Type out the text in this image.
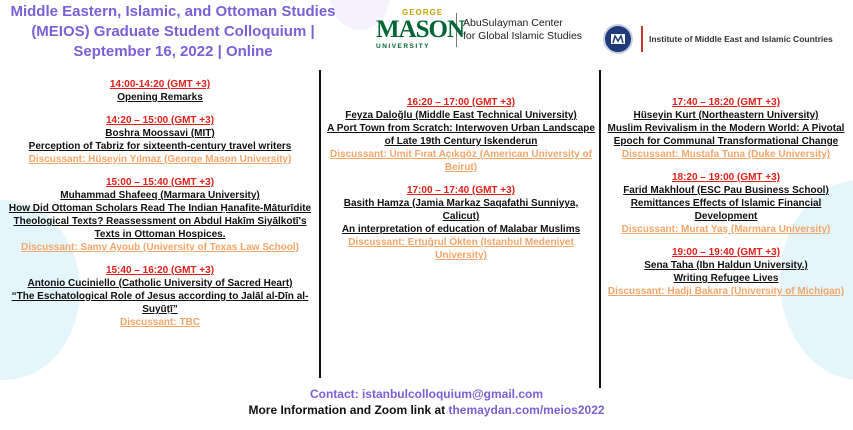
Middle Eastern, Islamic, and Ottoman Studies
(MEIOS) Graduate Student Colloquium |
September 16, 2022 | Online
GEORGE
MASON
UNIVERSITY
AbuSulayman Center
for Global Islamic Studies	Institute of Middle East and Islamic Countries
14:00-14:20 (GMT +3)
Opening Remarks
14:20 – 15:00 (GMT +3)
Boshra Moossavi (MIT)
Perception of Tabriz for sixteenth-century travel writers
Discussant: Hüseyin Yılmaz (George Mason University)
15:00 – 15:40 (GMT +3)
Muhammad Shafeeq (Marmara University)
How Did Ottoman Scholars Read The Indian Ḥanafite-Māturīdite Theological Texts? Reassessment on Abdul Hakīm Siyālkotī's Texts in Ottoman Hospices.
Discussant: Samy Ayoub (University of Texas Law School)
15:40 – 16:20 (GMT +3)
Antonio Cuciniello (Catholic University of Sacred Heart)
“The Eschatological Role of Jesus according to Jalāl al-Dīn al-Suyūṭī”
Discussant: TBC
16:20 – 17:00 (GMT +3)
Feyza Daloğlu (Middle East Technical University)
A Port Town from Scratch: Interwoven Urban Landscape of Late 19th Century Iskenderun
Discussant: Ümit Fırat Açıkgöz (American University of Beirut)
17:00 – 17:40 (GMT +3)
Basith Hamza (Jamia Markaz Saqafathi Sunniyya, Calicut)
An interpretation of education of Malabar Muslims
Discussant: Ertuğrul Ökten (Istanbul Medeniyet University)
17:40 – 18:20 (GMT +3)
Hüseyin Kurt (Northeastern University)
Muslim Revivalism in the Modern World: A Pivotal Epoch for Communal Transformational Change
Discussant: Mustafa Tuna (Duke University)
18:20 – 19:00 (GMT +3)
Farid Makhlouf (ESC Pau Business School)
Remittances Effects of Islamic Financial Development
Discussant: Murat Yaş (Marmara University)
19:00 – 19:40 (GMT +3)
Sena Taha (Ibn Haldun University.)
Writing Refugee Lives
Discussant: Hadji Bakara (University of Michigan)
Contact: istanbulcolloquium@gmail.com
More Information and Zoom link at themaydan.com/meios2022
